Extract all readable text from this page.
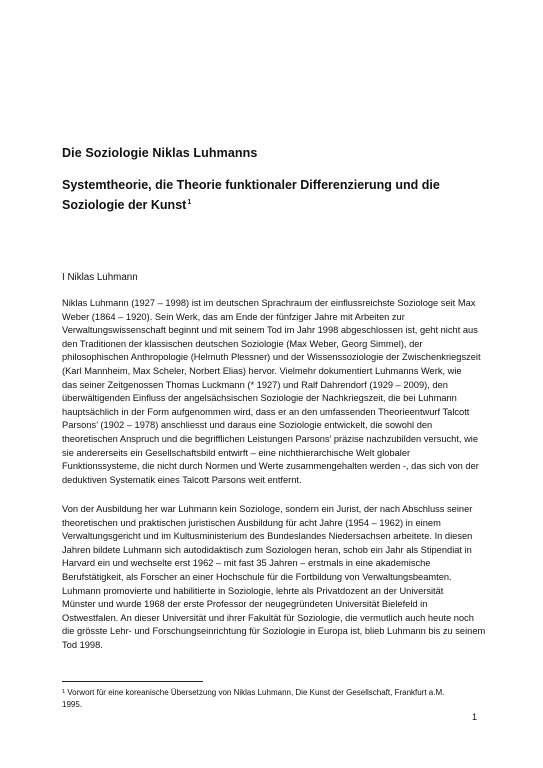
Die Soziologie Niklas Luhmanns
Systemtheorie, die Theorie funktionaler Differenzierung und die Soziologie der Kunst$^1$
I Niklas Luhmann
Niklas Luhmann (1927 – 1998) ist im deutschen Sprachraum der einflussreichste Soziologe seit Max
Weber (1864 – 1920). Sein Werk, das am Ende der fünfziger Jahre mit Arbeiten zur
Verwaltungswissenschaft beginnt und mit seinem Tod im Jahr 1998 abgeschlossen ist, geht nicht aus
den Traditionen der klassischen deutschen Soziologie (Max Weber, Georg Simmel), der
philosophischen Anthropologie (Helmuth Plessner) und der Wissenssoziologie der Zwischenkriegszeit
(Karl Mannheim, Max Scheler, Norbert Elias) hervor. Vielmehr dokumentiert Luhmanns Werk, wie
das seiner Zeitgenossen Thomas Luckmann (* 1927) und Ralf Dahrendorf (1929 – 2009), den
überwältigenden Einfluss der angelsächsischen Soziologie der Nachkriegszeit, die bei Luhmann
hauptsächlich in der Form aufgenommen wird, dass er an den umfassenden Theorieentwurf Talcott
Parsons’ (1902 – 1978) anschliesst und daraus eine Soziologie entwickelt, die sowohl den
theoretischen Anspruch und die begrifflichen Leistungen Parsons’ präzise nachzubilden versucht, wie
sie andererseits ein Gesellschaftsbild entwirft – eine nichthierarchische Welt globaler
Funktionssysteme, die nicht durch Normen und Werte zusammengehalten werden -, das sich von der
deduktiven Systematik eines Talcott Parsons weit entfernt.
Von der Ausbildung her war Luhmann kein Soziologe, sondern ein Jurist, der nach Abschluss seiner
theoretischen und praktischen juristischen Ausbildung für acht Jahre (1954 – 1962) in einem
Verwaltungsgericht und im Kultusministerium des Bundeslandes Niedersachsen arbeitete. In diesen
Jahren bildete Luhmann sich autodidaktisch zum Soziologen heran, schob ein Jahr als Stipendiat in
Harvard ein und wechselte erst 1962 – mit fast 35 Jahren – erstmals in eine akademische
Berufstätigkeit, als Forscher an einer Hochschule für die Fortbildung von Verwaltungsbeamten.
Luhmann promovierte und habilitierte in Soziologie, lehrte als Privatdozent an der Universität
Münster und wurde 1968 der erste Professor der neugegründeten Universität Bielefeld in
Ostwestfalen. An dieser Universität und ihrer Fakultät für Soziologie, die vermutlich auch heute noch
die grösste Lehr- und Forschungseinrichtung für Soziologie in Europa ist, blieb Luhmann bis zu seinem
Tod 1998.
$^1$ Vorwort für eine koreanische Übersetzung von Niklas Luhmann, Die Kunst der Gesellschaft, Frankfurt a.M.
1995.
1
